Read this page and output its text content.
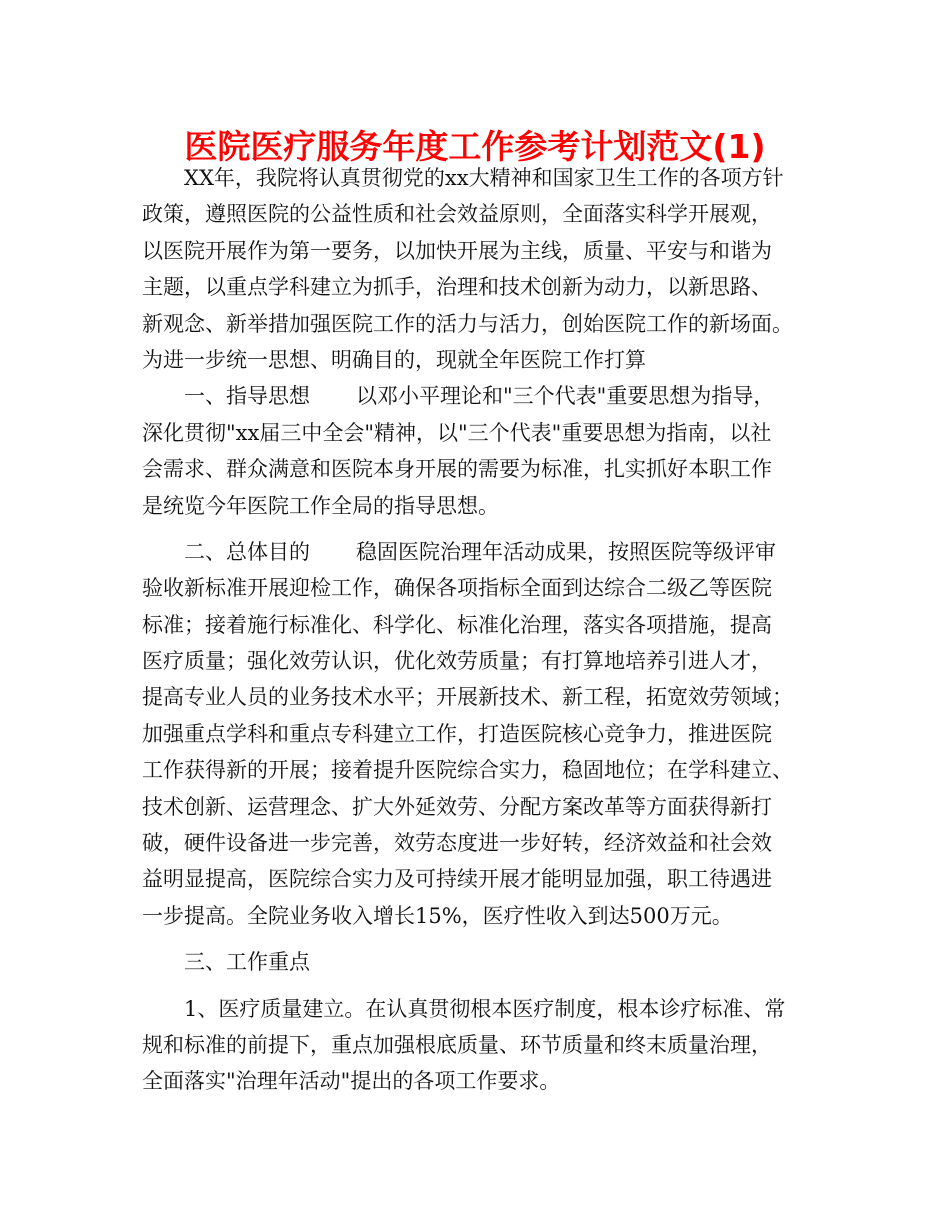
医院医疗服务年度工作参考计划范文(1)
XX年，我院将认真贯彻党的xx大精神和国家卫生工作的各项方针
政策，遵照医院的公益性质和社会效益原则，全面落实科学开展观，
以医院开展作为第一要务，以加快开展为主线，质量、平安与和谐为
主题，以重点学科建立为抓手，治理和技术创新为动力，以新思路、
新观念、新举措加强医院工作的活力与活力，创始医院工作的新场面。
为进一步统一思想、明确目的，现就全年医院工作打算
一、指导思想 以邓小平理论和"三个代表"重要思想为指导，
深化贯彻"xx届三中全会"精神，以"三个代表"重要思想为指南，以社
会需求、群众满意和医院本身开展的需要为标准，扎实抓好本职工作
是统览今年医院工作全局的指导思想。
二、总体目的 稳固医院治理年活动成果，按照医院等级评审
验收新标准开展迎检工作，确保各项指标全面到达综合二级乙等医院
标准；接着施行标准化、科学化、标准化治理，落实各项措施，提高
医疗质量；强化效劳认识，优化效劳质量；有打算地培养引进人才，
提高专业人员的业务技术水平；开展新技术、新工程，拓宽效劳领域；
加强重点学科和重点专科建立工作，打造医院核心竞争力，推进医院
工作获得新的开展；接着提升医院综合实力，稳固地位；在学科建立、
技术创新、运营理念、扩大外延效劳、分配方案改革等方面获得新打
破，硬件设备进一步完善，效劳态度进一步好转，经济效益和社会效
益明显提高，医院综合实力及可持续开展才能明显加强，职工待遇进
一步提高。全院业务收入增长15%，医疗性收入到达500万元。
三、工作重点
1、医疗质量建立。在认真贯彻根本医疗制度，根本诊疗标准、常
规和标准的前提下，重点加强根底质量、环节质量和终末质量治理，
全面落实"治理年活动"提出的各项工作要求。
